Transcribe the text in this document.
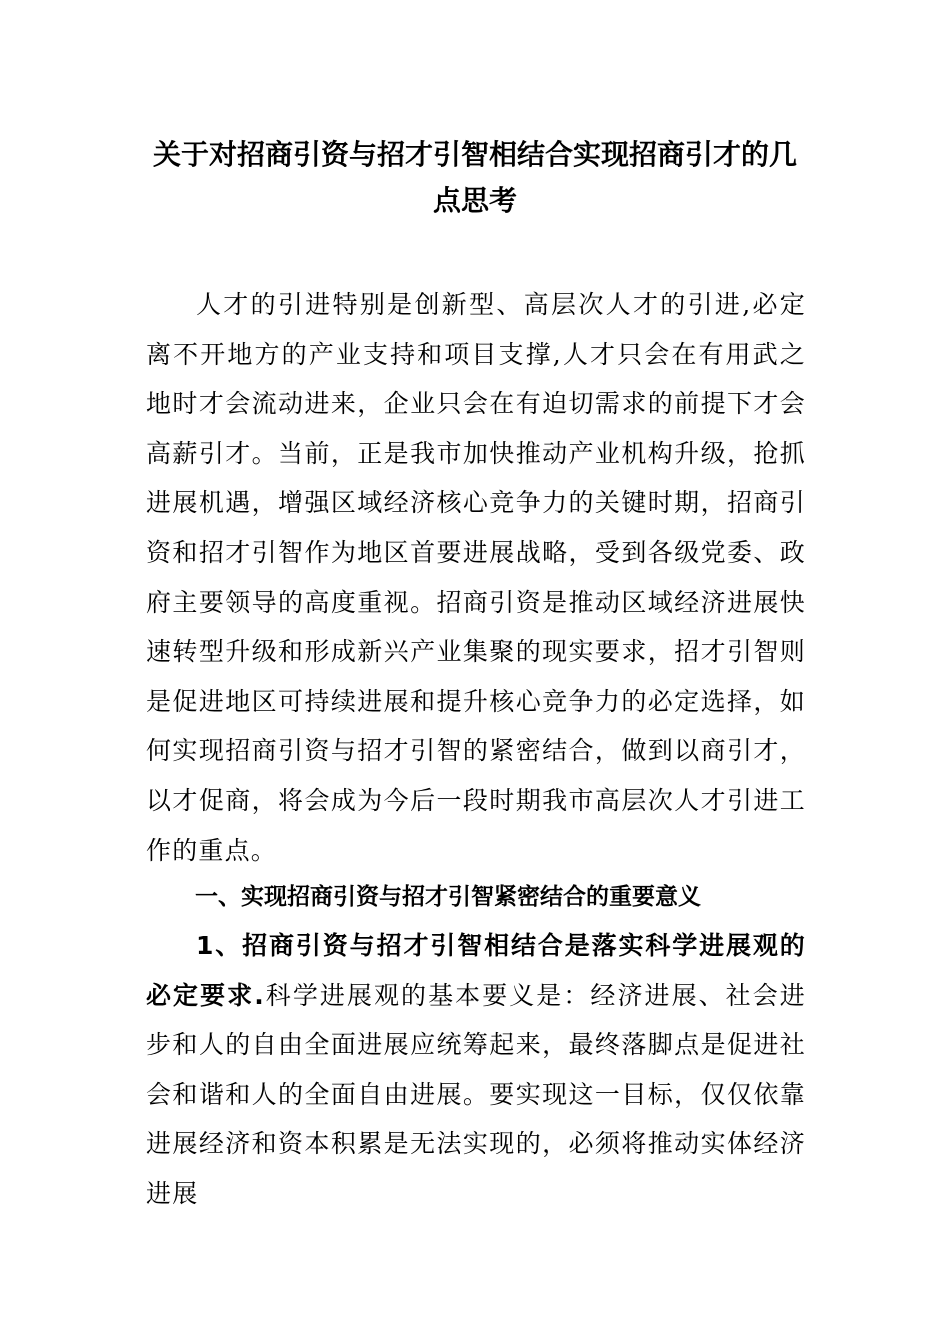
关于对招商引资与招才引智相结合实现招商引才的几点思考

人才的引进特别是创新型、高层次人才的引进,必定离不开地方的产业支持和项目支撑,人才只会在有用武之地时才会流动进来，企业只会在有迫切需求的前提下才会高薪引才。当前，正是我市加快推动产业机构升级，抢抓进展机遇，增强区域经济核心竞争力的关键时期，招商引资和招才引智作为地区首要进展战略，受到各级党委、政府主要领导的高度重视。招商引资是推动区域经济进展快速转型升级和形成新兴产业集聚的现实要求，招才引智则是促进地区可持续进展和提升核心竞争力的必定选择，如何实现招商引资与招才引智的紧密结合，做到以商引才，以才促商，将会成为今后一段时期我市高层次人才引进工作的重点。

一、实现招商引资与招才引智紧密结合的重要意义

1、招商引资与招才引智相结合是落实科学进展观的必定要求.科学进展观的基本要义是：经济进展、社会进步和人的自由全面进展应统筹起来，最终落脚点是促进社会和谐和人的全面自由进展。要实现这一目标，仅仅依靠进展经济和资本积累是无法实现的，必须将推动实体经济进展
